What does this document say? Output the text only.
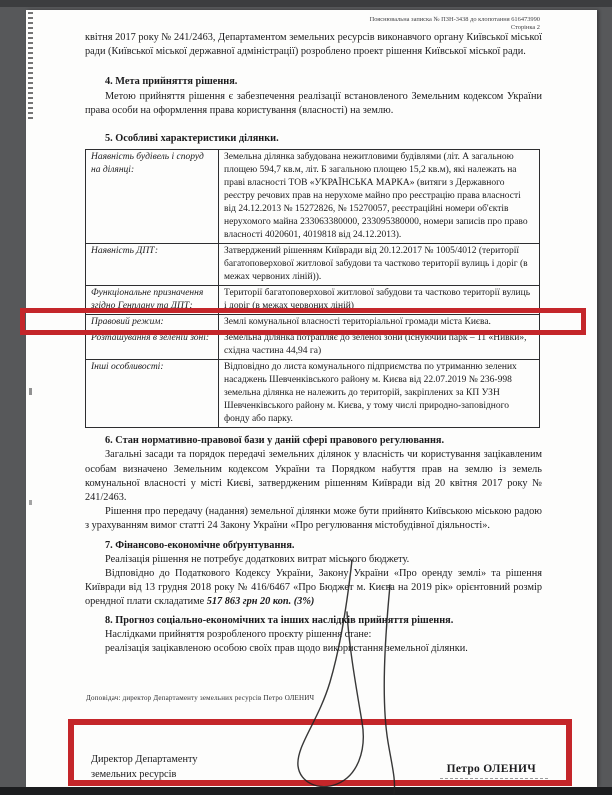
Пояснювальна записка № ПЗН-3438 до клопотання 616473990
Сторінка 2

квітня 2017 року № 241/2463, Департаментом земельних ресурсів виконавчого органу Київської міської ради (Київської міської державної адміністрації) розроблено проект рішення Київської міської ради.

4. Мета прийняття рішення.

Метою прийняття рішення є забезпечення реалізації встановленого Земельним кодексом України права особи на оформлення права користування (власності) на землю.

5. Особливі характеристики ділянки.

Наявність будівель і споруд на ділянці:	Земельна ділянка забудована нежитловими будівлями (літ. А загальною площею 594,7 кв.м, літ. Б загальною площею 15,2 кв.м), які належать на праві власності ТОВ «УКРАЇНСЬКА МАРКА» (витяги з Державного реєстру речових прав на нерухоме майно про реєстрацію права власності від 24.12.2013 № 15272826, № 15270057, реєстраційні номери об'єктів нерухомого майна 233063380000, 233095380000, номери записів про право власності 4020601, 4019818 від 24.12.2013).
Наявність ДПТ:	Затверджений рішенням Київради від 20.12.2017 № 1005/4012 (території багатоповерхової житлової забудови та частково території вулиць і доріг (в межах червоних ліній)).
Функціональне призначення згідно Генплану та ДПТ:	Території багатоповерхової житлової забудови та частково території вулиць і доріг (в межах червоних ліній)
Правовий режим:	Землі комунальної власності територіальної громади міста Києва.
Розташування в зеленій зоні:	Земельна ділянка потрапляє до зеленої зони (існуючий парк – 11 «Нивки», східна частина 44,94 га)
Інші особливості:	Відповідно до листа комунального підприємства по утриманню зелених насаджень Шевченківського району м. Києва від 22.07.2019 № 236-998 земельна ділянка не належить до територій, закріплених за КП УЗН Шевченківського району м. Києва, у тому числі природно-заповідного фонду або парку.

6. Стан нормативно-правової бази у даній сфері правового регулювання.

Загальні засади та порядок передачі земельних ділянок у власність чи користування зацікавленим особам визначено Земельним кодексом України та Порядком набуття прав на землю із земель комунальної власності у місті Києві, затвердженим рішенням Київради від 20 квітня 2017 року № 241/2463.

Рішення про передачу (надання) земельної ділянки може бути прийнято Київською міською радою з урахуванням вимог статті 24 Закону України «Про регулювання містобудівної діяльності».

7. Фінансово-економічне обґрунтування.

Реалізація рішення не потребує додаткових витрат міського бюджету.

Відповідно до Податкового Кодексу України, Закону України «Про оренду землі» та рішення Київради від 13 грудня 2018 року № 416/6467 «Про Бюджет м. Києва на 2019 рік» орієнтовний розмір орендної плати складатиме 517 863 грн 20 коп. (3%)

8. Прогноз соціально-економічних та інших наслідків прийняття рішення.

Наслідками прийняття розробленого проєкту рішення стане:

реалізація зацікавленою особою своїх прав щодо використання земельної ділянки.

Доповідач: директор Департаменту земельних ресурсів Петро ОЛЕНИЧ
Директор Департаменту
земельних ресурсів	Петро ОЛЕНИЧ
